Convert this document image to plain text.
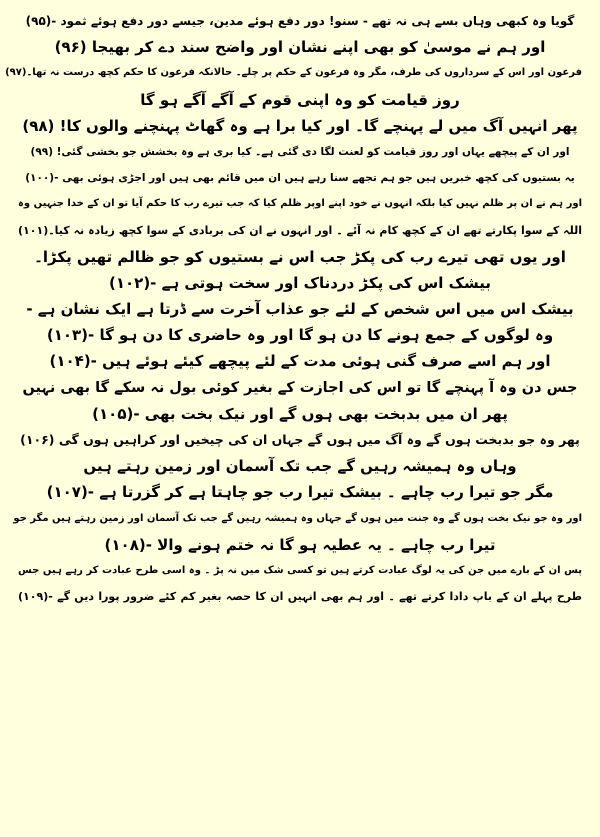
گویا وہ کبھی وہاں بسے ہی نہ تھے - سنو! دور دفع ہوئے مدین، جیسے دور دفع ہوئے ثمود -(۹۵)
اور ہم نے موسیٰ کو بھی اپنے نشان اور واضح سند دے کر بھیجا (۹۶)
فرعون اور اس کے سرداروں کی طرف، مگر وہ فرعون کے حکم پر چلے۔ حالانکہ فرعون کا حکم کچھ درست نہ تھا۔(۹۷)
روز قیامت کو وہ اپنی قوم کے آگے آگے ہو گا
پھر انہیں آگ میں لے پہنچے گا۔ اور کیا برا ہے وہ گھاٹ پہنچنے والوں کا! (۹۸)
اور ان کے پیچھے یہاں اور روز قیامت کو لعنت لگا دی گئی ہے۔ کیا بری ہے وہ بخشش جو بخشی گئی! (۹۹)
یہ بستیوں کی کچھ خبریں ہیں جو ہم تجھے سنا رہے ہیں ان میں قائم بھی ہیں اور اجڑی ہوئی بھی -(۱۰۰)
اور ہم نے ان پر ظلم نہیں کیا بلکہ انہوں نے خود اپنے اوپر ظلم کیا کہ جب تیرے رب کا حکم آیا تو ان کے خدا جنہیں وہ
اللہ کے سوا پکارتے تھے ان کے کچھ کام نہ آئے ۔ اور انہوں نے ان کی بربادی کے سوا کچھ زیادہ نہ کیا۔(۱۰۱)
اور یوں تھی تیرے رب کی پکڑ جب اس نے بستیوں کو جو ظالم تھیں پکڑا۔
بیشک اس کی پکڑ دردناک اور سخت ہوتی ہے -(۱۰۲)
بیشک اس میں اس شخص کے لئے جو عذاب آخرت سے ڈرتا ہے ایک نشان ہے -
وہ لوگوں کے جمع ہونے کا دن ہو گا اور وہ حاضری کا دن ہو گا -(۱۰۳)
اور ہم اسے صرف گنی ہوئی مدت کے لئے پیچھے کیئے ہوئے ہیں -(۱۰۴)
جس دن وہ آ پہنچے گا تو اس کی اجازت کے بغیر کوئی بول نہ سکے گا بھی نہیں
پھر ان میں بدبخت بھی ہوں گے اور نیک بخت بھی -(۱۰۵)
پھر وہ جو بدبخت ہوں گے وہ آگ میں ہوں گے جہاں ان کی چیخیں اور کراہیں ہوں گی (۱۰۶)
وہاں وہ ہمیشہ رہیں گے جب تک آسمان اور زمین رہتے ہیں
مگر جو تیرا رب چاہے ۔ بیشک تیرا رب جو چاہتا ہے کر گزرتا ہے -(۱۰۷)
اور وہ جو نیک بخت ہوں گے وہ جنت میں ہوں گے جہاں وہ ہمیشہ رہیں گے جب تک آسمان اور زمین رہتے ہیں مگر جو
تیرا رب چاہے ۔ یہ عطیہ ہو گا نہ ختم ہونے والا -(۱۰۸)
پس ان کے بارے میں جن کی یہ لوگ عبادت کرتے ہیں تو کسی شک میں نہ پڑ ۔ وہ اسی طرح عبادت کر رہے ہیں جس
طرح پہلے ان کے باپ دادا کرتے تھے ۔ اور ہم بھی انہیں ان کا حصہ بغیر کم کئے ضرور پورا دیں گے -(۱۰۹)
